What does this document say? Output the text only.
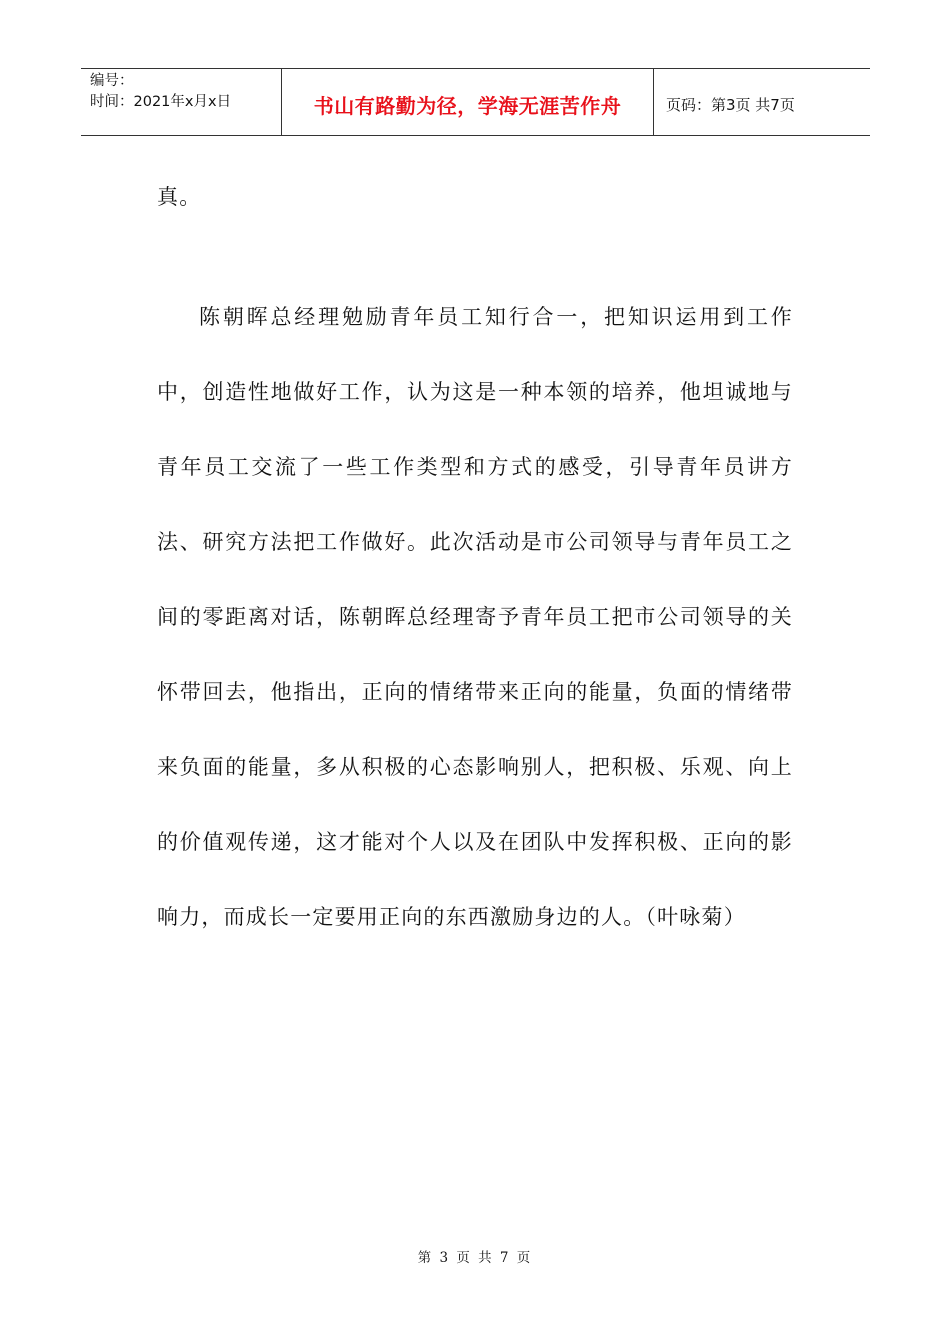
编号：
时间：2021年x月x日	书山有路勤为径，学海无涯苦作舟	页码：第3页 共7页

真。

陈朝晖总经理勉励青年员工知行合一，把知识运用到工作中，创造性地做好工作，认为这是一种本领的培养，他坦诚地与青年员工交流了一些工作类型和方式的感受，引导青年员讲方法、研究方法把工作做好。此次活动是市公司领导与青年员工之间的零距离对话，陈朝晖总经理寄予青年员工把市公司领导的关怀带回去，他指出，正向的情绪带来正向的能量，负面的情绪带来负面的能量，多从积极的心态影响别人，把积极、乐观、向上的价值观传递，这才能对个人以及在团队中发挥积极、正向的影响力，而成长一定要用正向的东西激励身边的人。（叶咏菊）

第 3 页 共 7 页
